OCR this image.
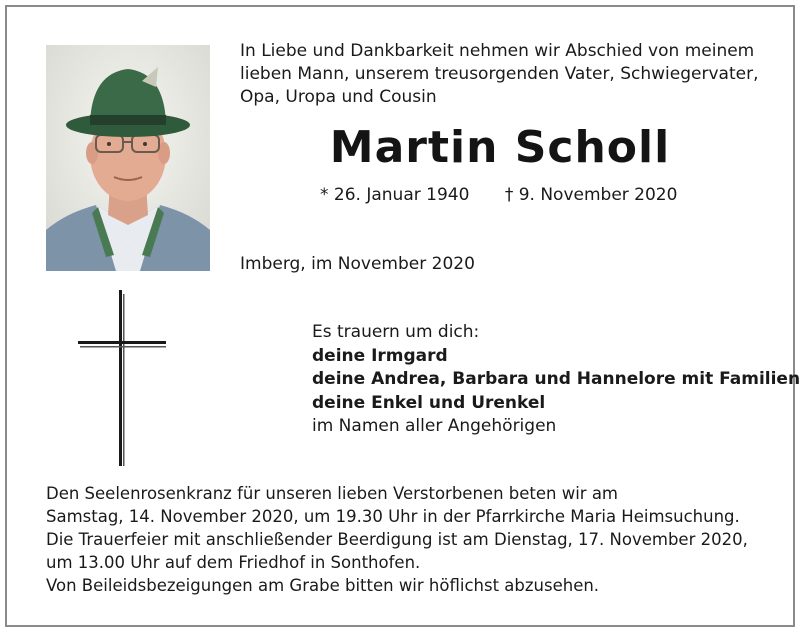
In Liebe und Dankbarkeit nehmen wir Abschied von meinem
lieben Mann, unserem treusorgenden Vater, Schwiegervater,
Opa, Uropa und Cousin
Martin Scholl
* 26. Januar 1940 † 9. November 2020
Imberg, im November 2020
Es trauern um dich:
deine Irmgard
deine Andrea, Barbara und Hannelore mit Familien
deine Enkel und Urenkel
im Namen aller Angehörigen
Den Seelenrosenkranz für unseren lieben Verstorbenen beten wir am
Samstag, 14. November 2020, um 19.30 Uhr in der Pfarrkirche Maria Heimsuchung.
Die Trauerfeier mit anschließender Beerdigung ist am Dienstag, 17. November 2020,
um 13.00 Uhr auf dem Friedhof in Sonthofen.
Von Beileidsbezeigungen am Grabe bitten wir höflichst abzusehen.
